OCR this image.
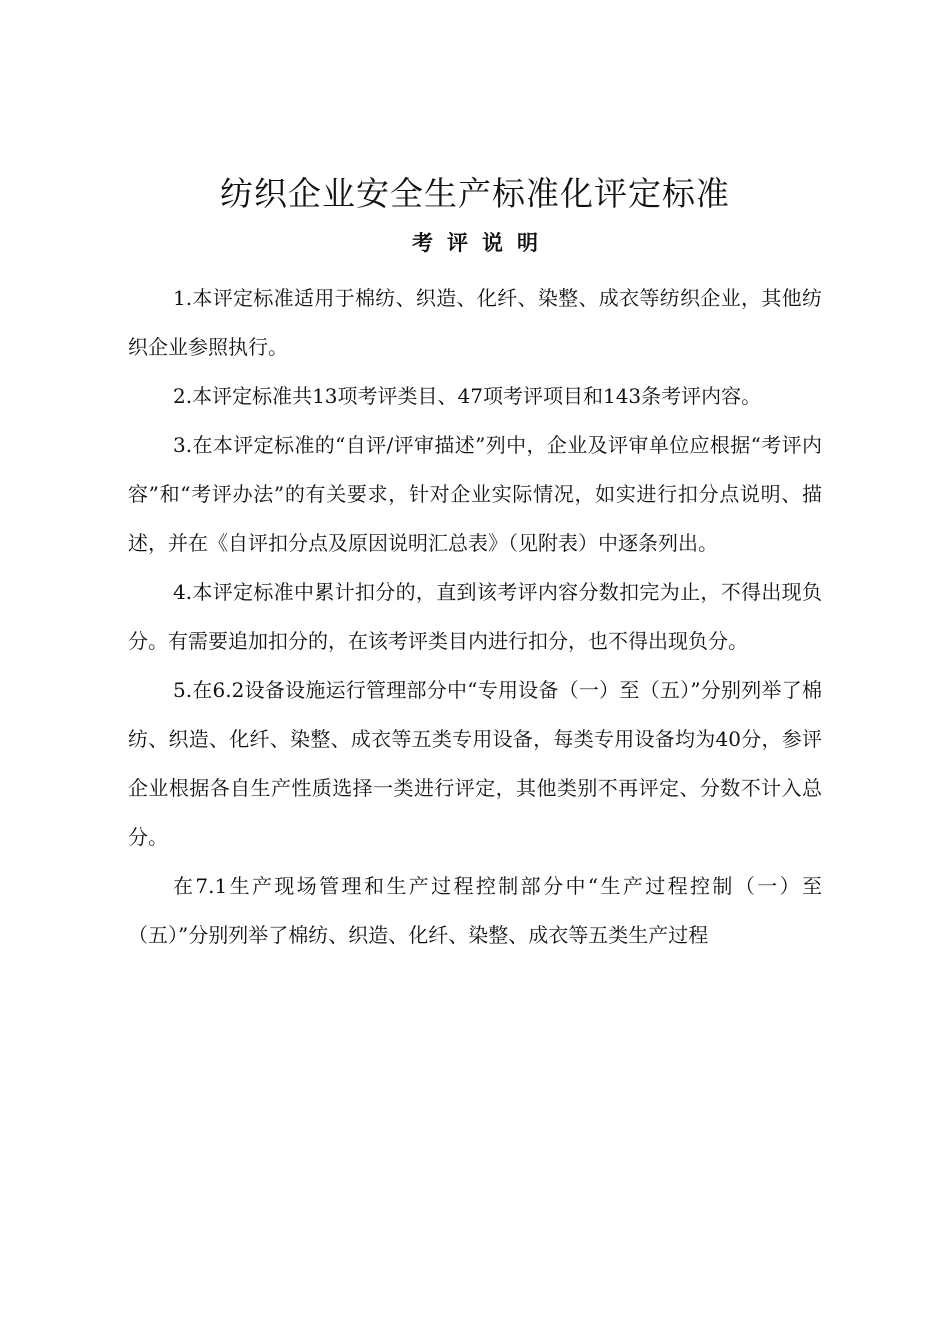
纺织企业安全生产标准化评定标准
考评说明

1.本评定标准适用于棉纺、织造、化纤、染整、成衣等纺织企业，其他纺织企业参照执行。

2.本评定标准共13项考评类目、47项考评项目和143条考评内容。

3.在本评定标准的“自评/评审描述”列中，企业及评审单位应根据“考评内容”和“考评办法”的有关要求，针对企业实际情况，如实进行扣分点说明、描述，并在《自评扣分点及原因说明汇总表》（见附表）中逐条列出。

4.本评定标准中累计扣分的，直到该考评内容分数扣完为止，不得出现负分。有需要追加扣分的，在该考评类目内进行扣分，也不得出现负分。

5.在6.2设备设施运行管理部分中“专用设备（一）至（五）”分别列举了棉纺、织造、化纤、染整、成衣等五类专用设备，每类专用设备均为40分，参评企业根据各自生产性质选择一类进行评定，其他类别不再评定、分数不计入总分。

在7.1生产现场管理和生产过程控制部分中“生产过程控制（一）至（五）”分别列举了棉纺、织造、化纤、染整、成衣等五类生产过程
